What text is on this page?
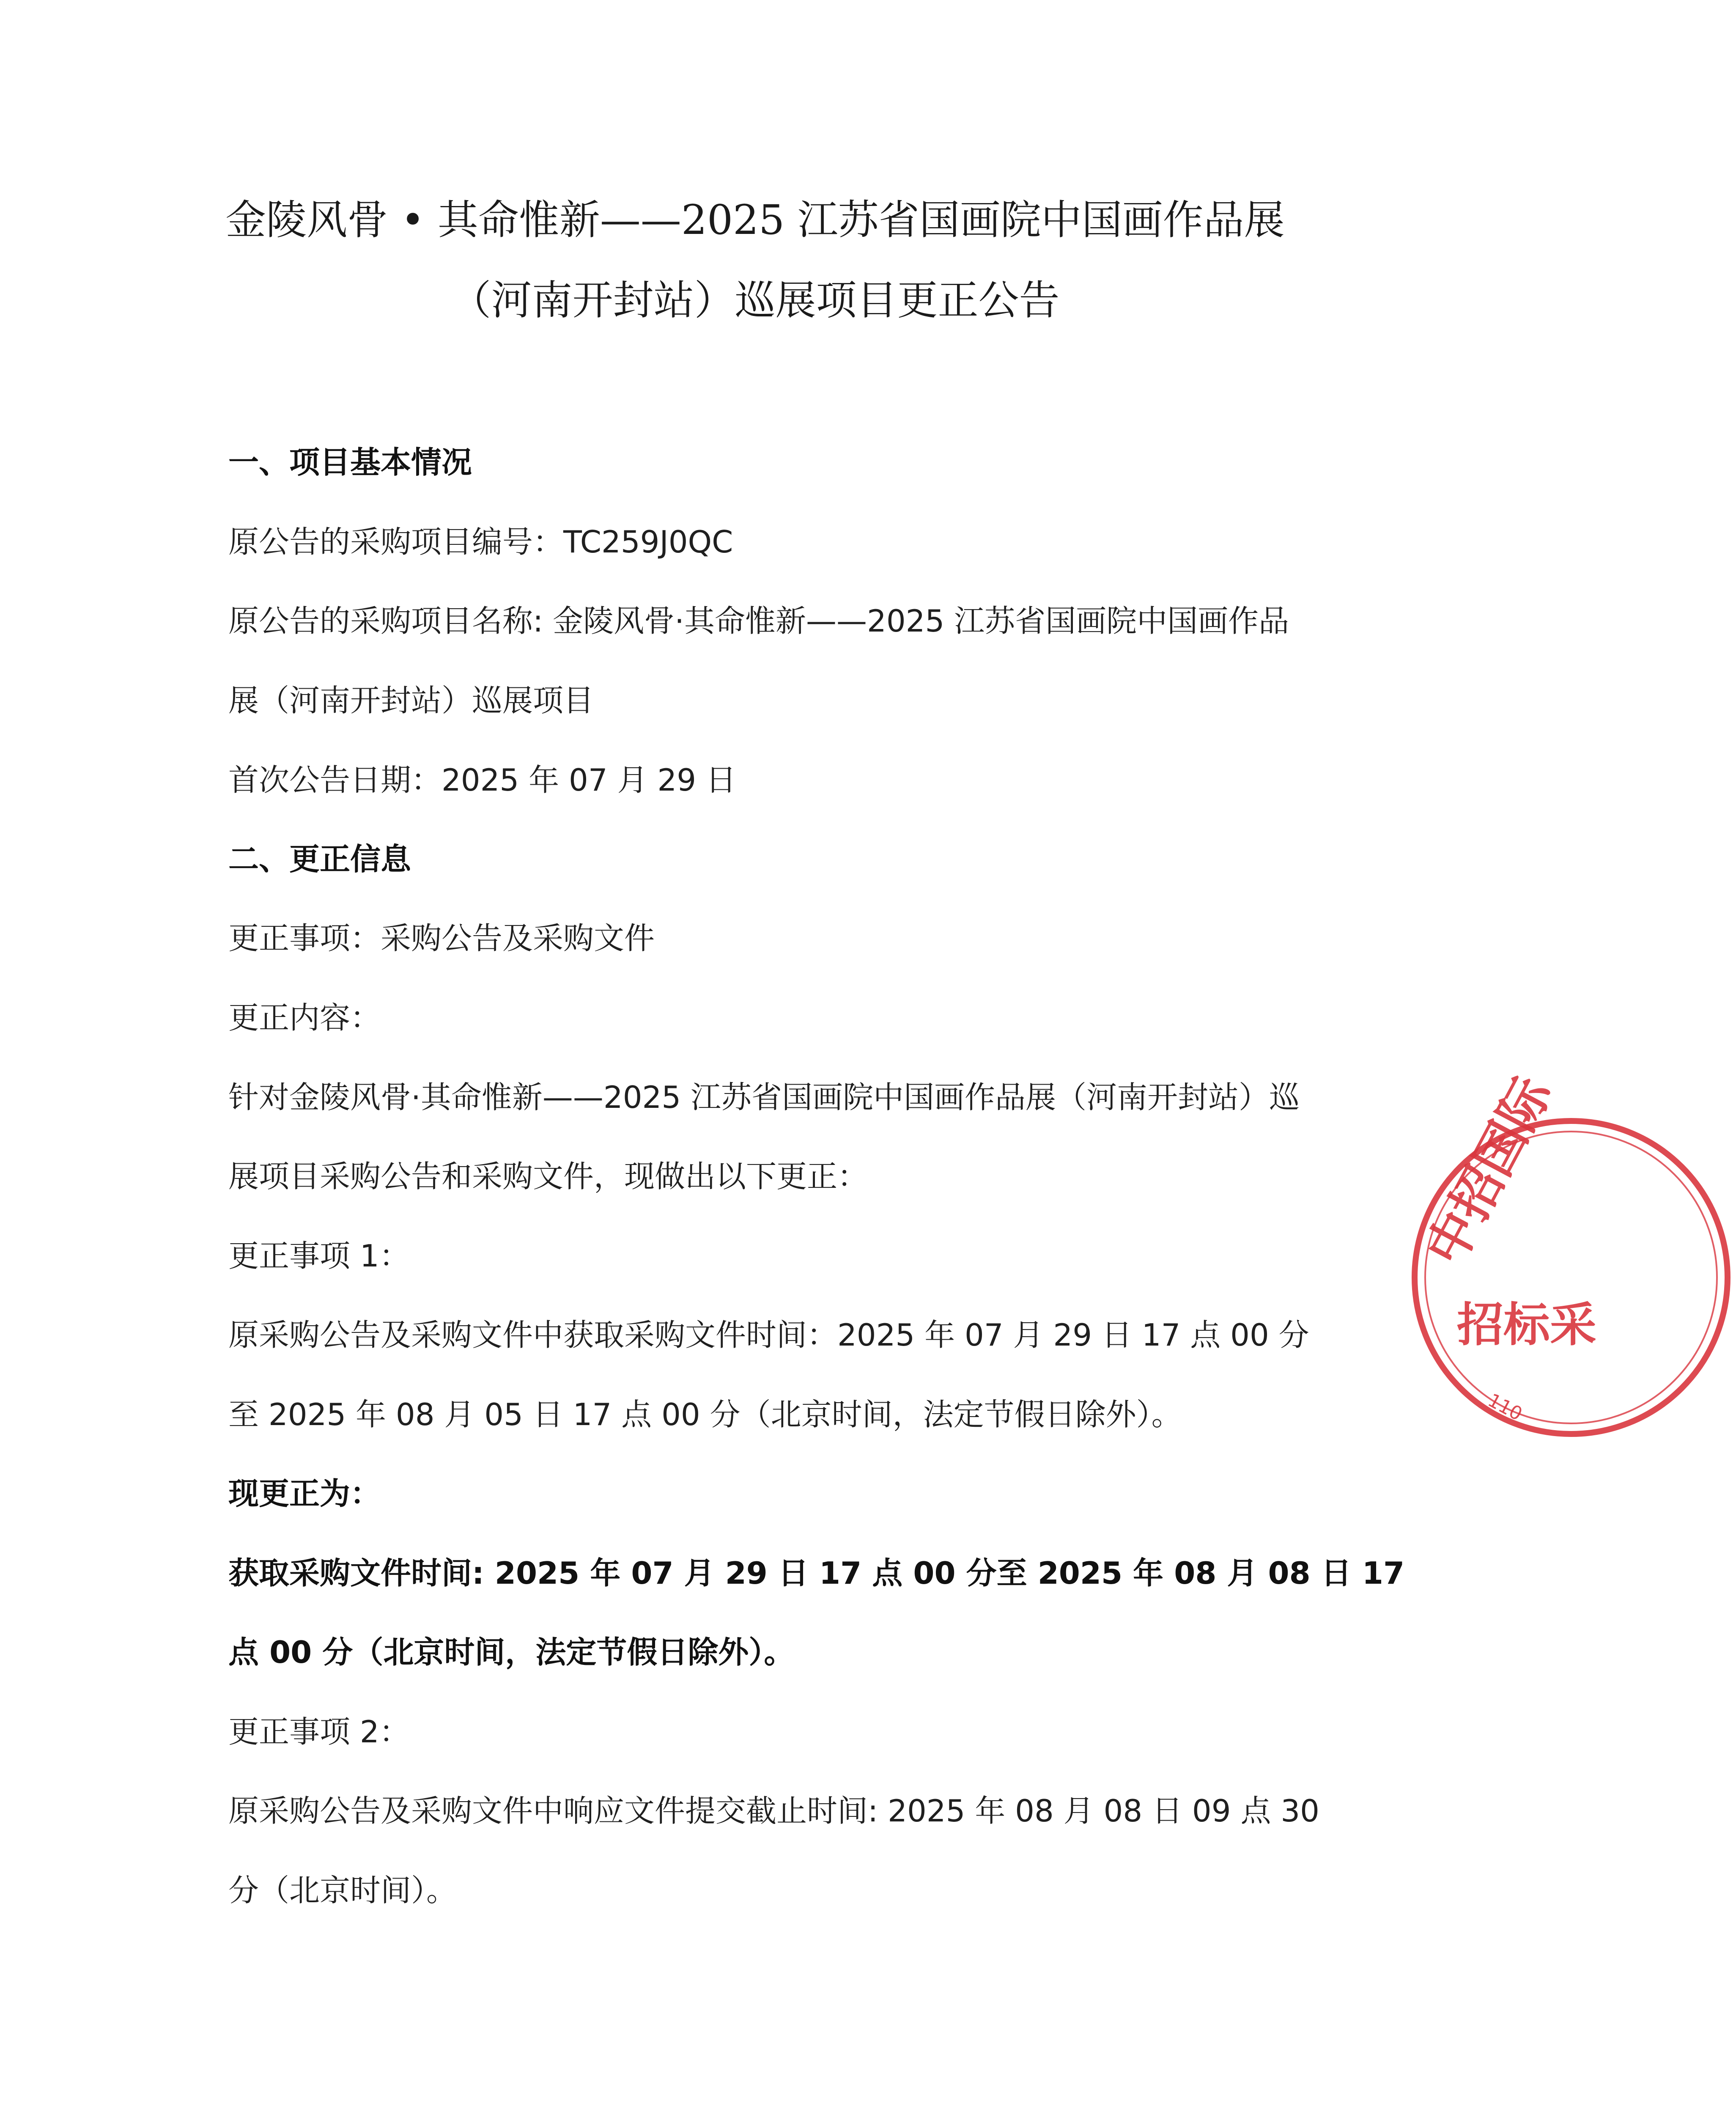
金陵风骨 • 其命惟新——2025 江苏省国画院中国画作品展
（河南开封站）巡展项目更正公告
一、项目基本情况
原公告的采购项目编号：TC259J0QC
原公告的采购项目名称: 金陵风骨·其命惟新——2025 江苏省国画院中国画作品
展（河南开封站）巡展项目
首次公告日期：2025 年 07 月 29 日
二、更正信息
更正事项：采购公告及采购文件
更正内容：
针对金陵风骨·其命惟新——2025 江苏省国画院中国画作品展（河南开封站）巡
展项目采购公告和采购文件，现做出以下更正：
更正事项 1：
原采购公告及采购文件中获取采购文件时间：2025 年 07 月 29 日 17 点 00 分
至 2025 年 08 月 05 日 17 点 00 分（北京时间，法定节假日除外）。
现更正为：
获取采购文件时间: 2025 年 07 月 29 日 17 点 00 分至 2025 年 08 月 08 日 17
点 00 分（北京时间，法定节假日除外）。
更正事项 2：
原采购公告及采购文件中响应文件提交截止时间: 2025 年 08 月 08 日 09 点 30
分（北京时间）。
中招国际
招标采
110
